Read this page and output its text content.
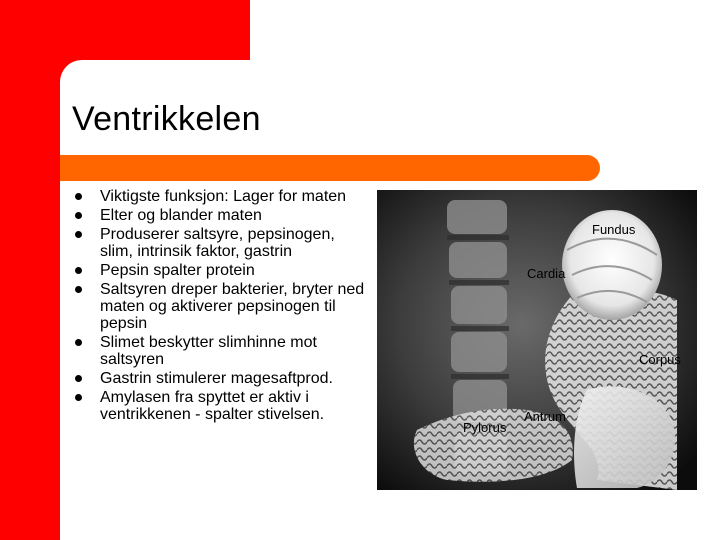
Ventrikkelen
Viktigste funksjon: Lager for maten
Elter og blander maten
Produserer saltsyre, pepsinogen, slim, intrinsik faktor, gastrin
Pepsin spalter protein
Saltsyren dreper bakterier, bryter ned maten og aktiverer pepsinogen til pepsin
Slimet beskytter slimhinne mot saltsyren
Gastrin stimulerer magesaftprod.
Amylasen fra spyttet er aktiv i ventrikkenen - spalter stivelsen.
Fundus
Cardia
Corpus
Antrum
Pylorus
